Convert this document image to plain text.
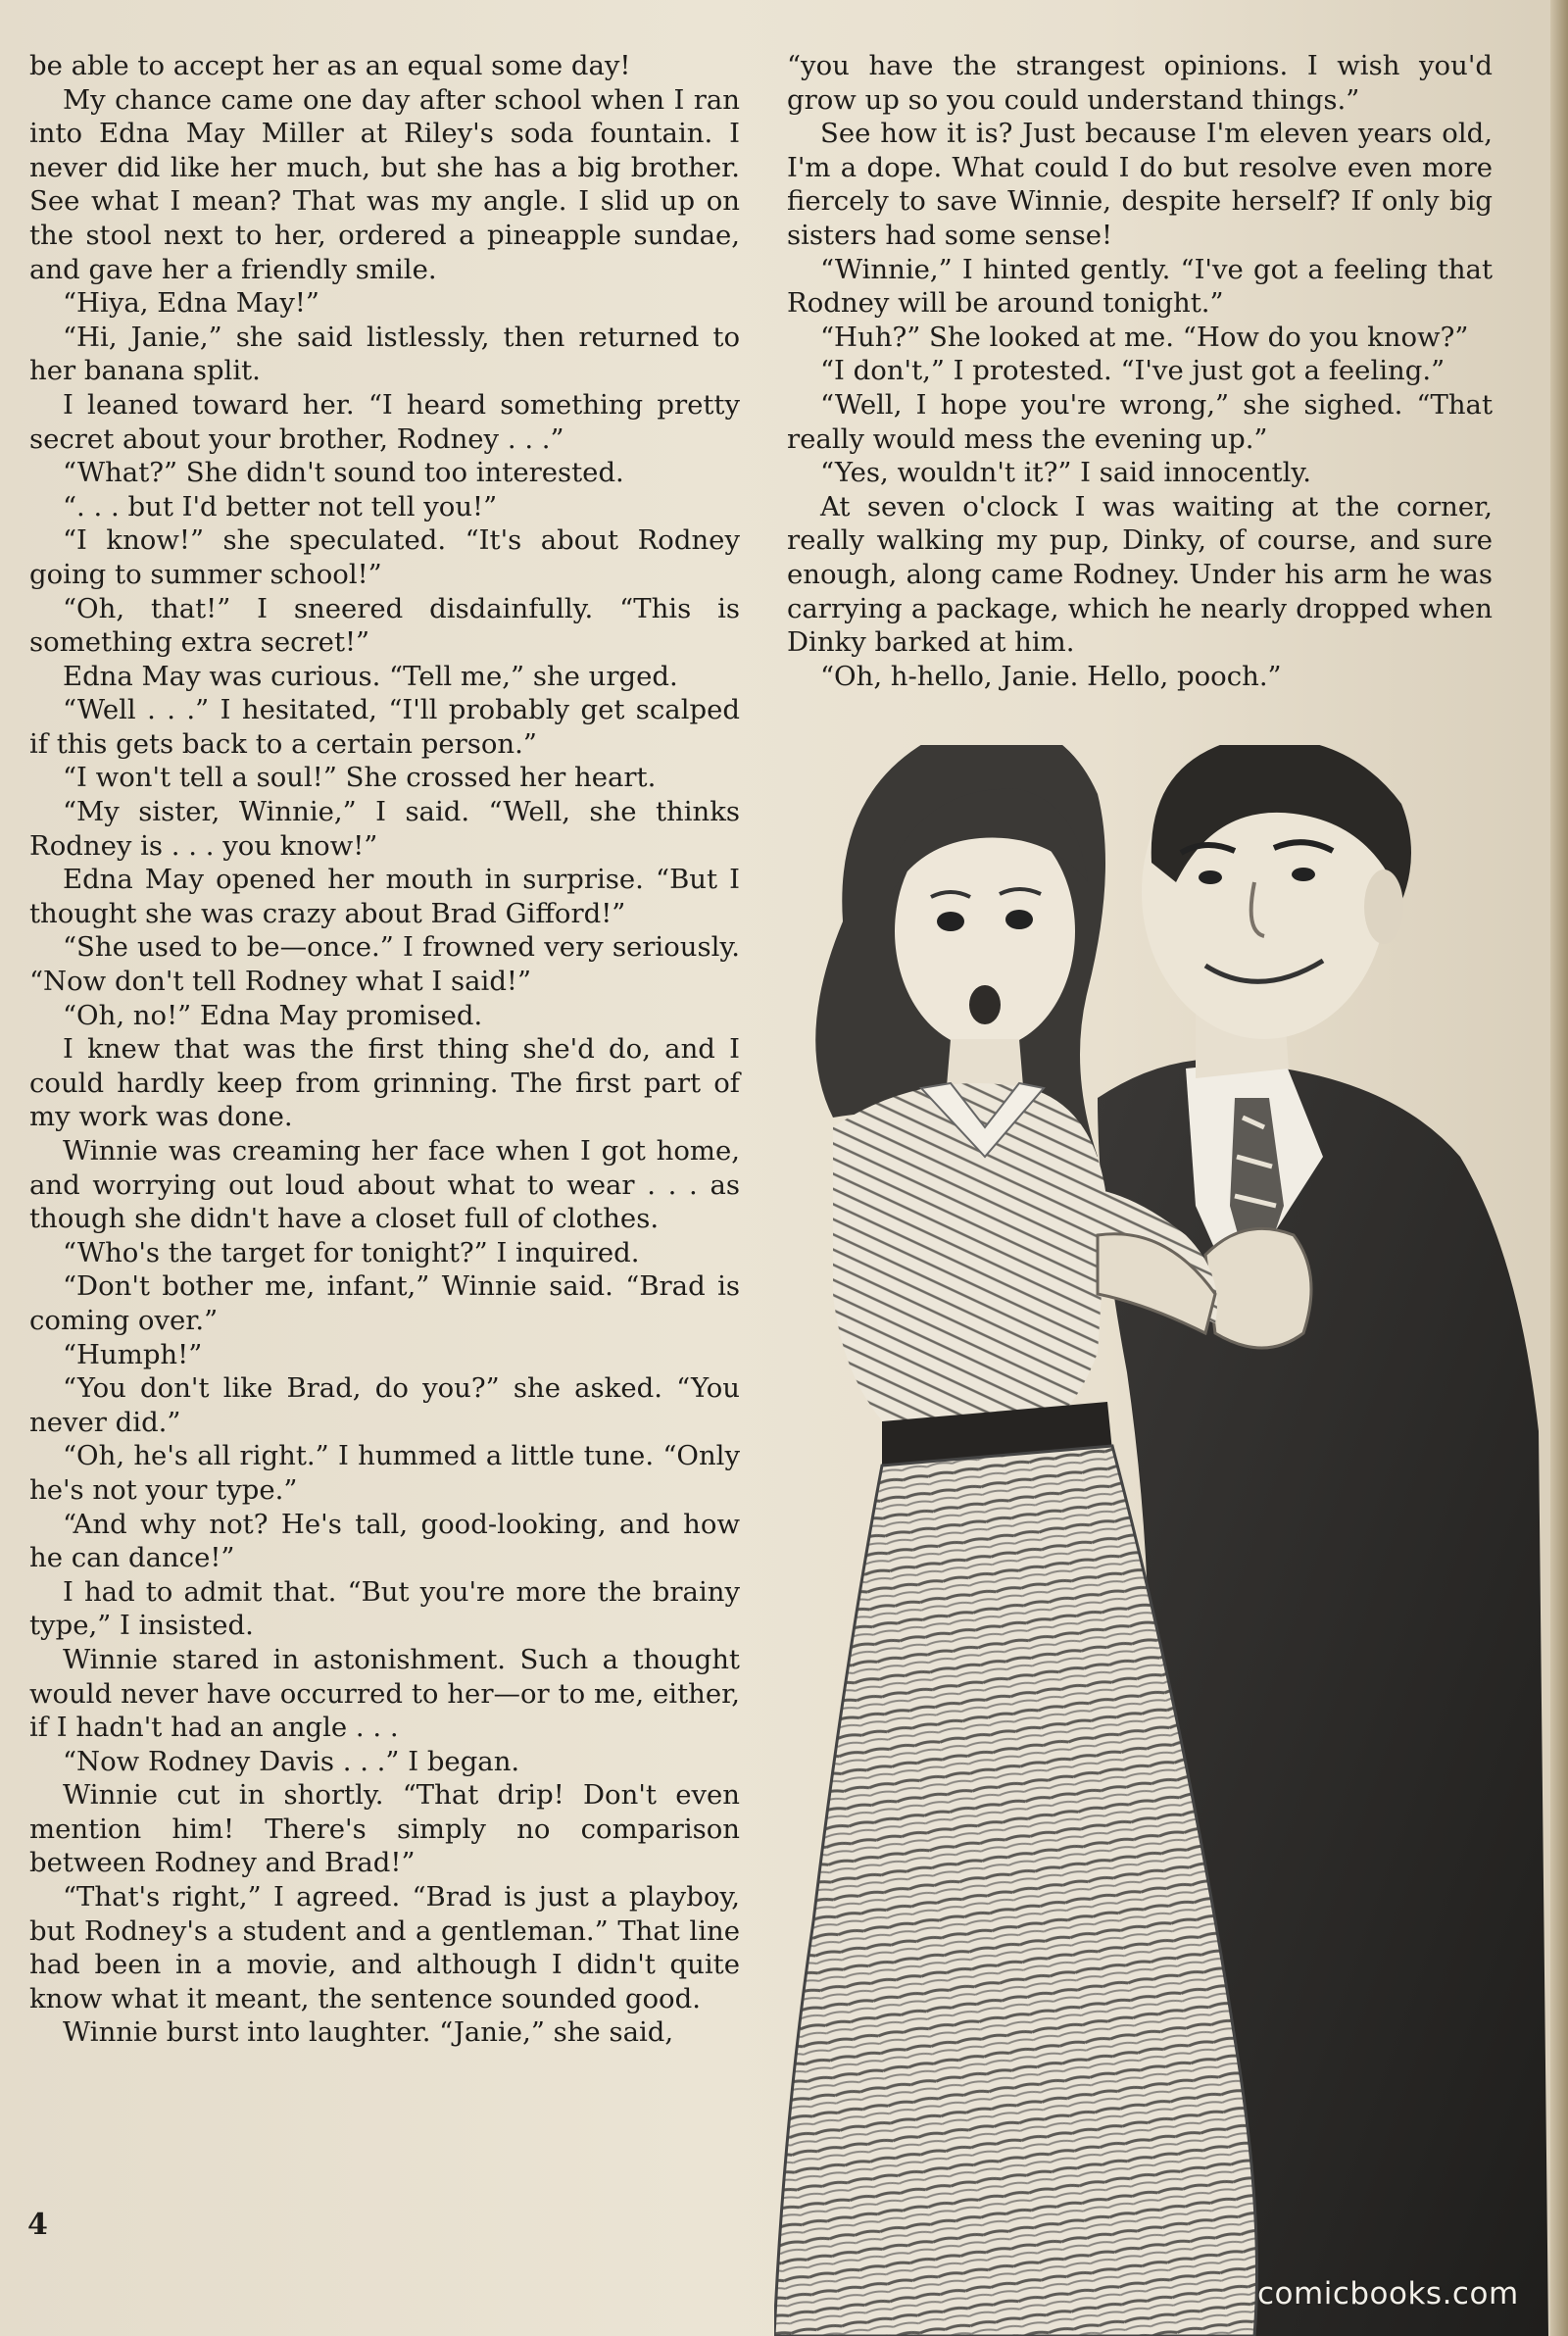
be able to accept her as an equal some day!

My chance came one day after school when I ran into Edna May Miller at Riley's soda fountain. I never did like her much, but she has a big brother. See what I mean? That was my angle. I slid up on the stool next to her, ordered a pineapple sundae, and gave her a friendly smile.

“Hiya, Edna May!”

“Hi, Janie,” she said listlessly, then returned to her banana split.

I leaned toward her. “I heard something pretty secret about your brother, Rodney . . .”

“What?” She didn't sound too interested.

“. . . but I'd better not tell you!”

“I know!” she speculated. “It's about Rodney going to summer school!”

“Oh, that!” I sneered disdainfully. “This is something extra secret!”

Edna May was curious. “Tell me,” she urged.

“Well . . .” I hesitated, “I'll probably get scalped if this gets back to a certain person.”

“I won't tell a soul!” She crossed her heart.

“My sister, Winnie,” I said. “Well, she thinks Rodney is . . . you know!”

Edna May opened her mouth in surprise. “But I thought she was crazy about Brad Gifford!”

“She used to be—once.” I frowned very seriously. “Now don't tell Rodney what I said!”

“Oh, no!” Edna May promised.

I knew that was the first thing she'd do, and I could hardly keep from grinning. The first part of my work was done.

Winnie was creaming her face when I got home, and worrying out loud about what to wear . . . as though she didn't have a closet full of clothes.

“Who's the target for tonight?” I inquired.

“Don't bother me, infant,” Winnie said. “Brad is coming over.”

“Humph!”

“You don't like Brad, do you?” she asked. “You never did.”

“Oh, he's all right.” I hummed a little tune. “Only he's not your type.”

“And why not? He's tall, good-looking, and how he can dance!”

I had to admit that. “But you're more the brainy type,” I insisted.

Winnie stared in astonishment. Such a thought would never have occurred to her—or to me, either, if I hadn't had an angle . . .

“Now Rodney Davis . . .” I began.

Winnie cut in shortly. “That drip! Don't even mention him! There's simply no comparison between Rodney and Brad!”

“That's right,” I agreed. “Brad is just a playboy, but Rodney's a student and a gentleman.” That line had been in a movie, and although I didn't quite know what it meant, the sentence sounded good.

Winnie burst into laughter. “Janie,” she said,

“you have the strangest opinions. I wish you'd grow up so you could understand things.”

See how it is? Just because I'm eleven years old, I'm a dope. What could I do but resolve even more fiercely to save Winnie, despite herself? If only big sisters had some sense!

“Winnie,” I hinted gently. “I've got a feeling that Rodney will be around tonight.”

“Huh?” She looked at me. “How do you know?”

“I don't,” I protested. “I've just got a feeling.”

“Well, I hope you're wrong,” she sighed. “That really would mess the evening up.”

“Yes, wouldn't it?” I said innocently.

At seven o'clock I was waiting at the corner, really walking my pup, Dinky, of course, and sure enough, along came Rodney. Under his arm he was carrying a package, which he nearly dropped when Dinky barked at him.

“Oh, h-hello, Janie. Hello, pooch.”

4
comicbooks.com
